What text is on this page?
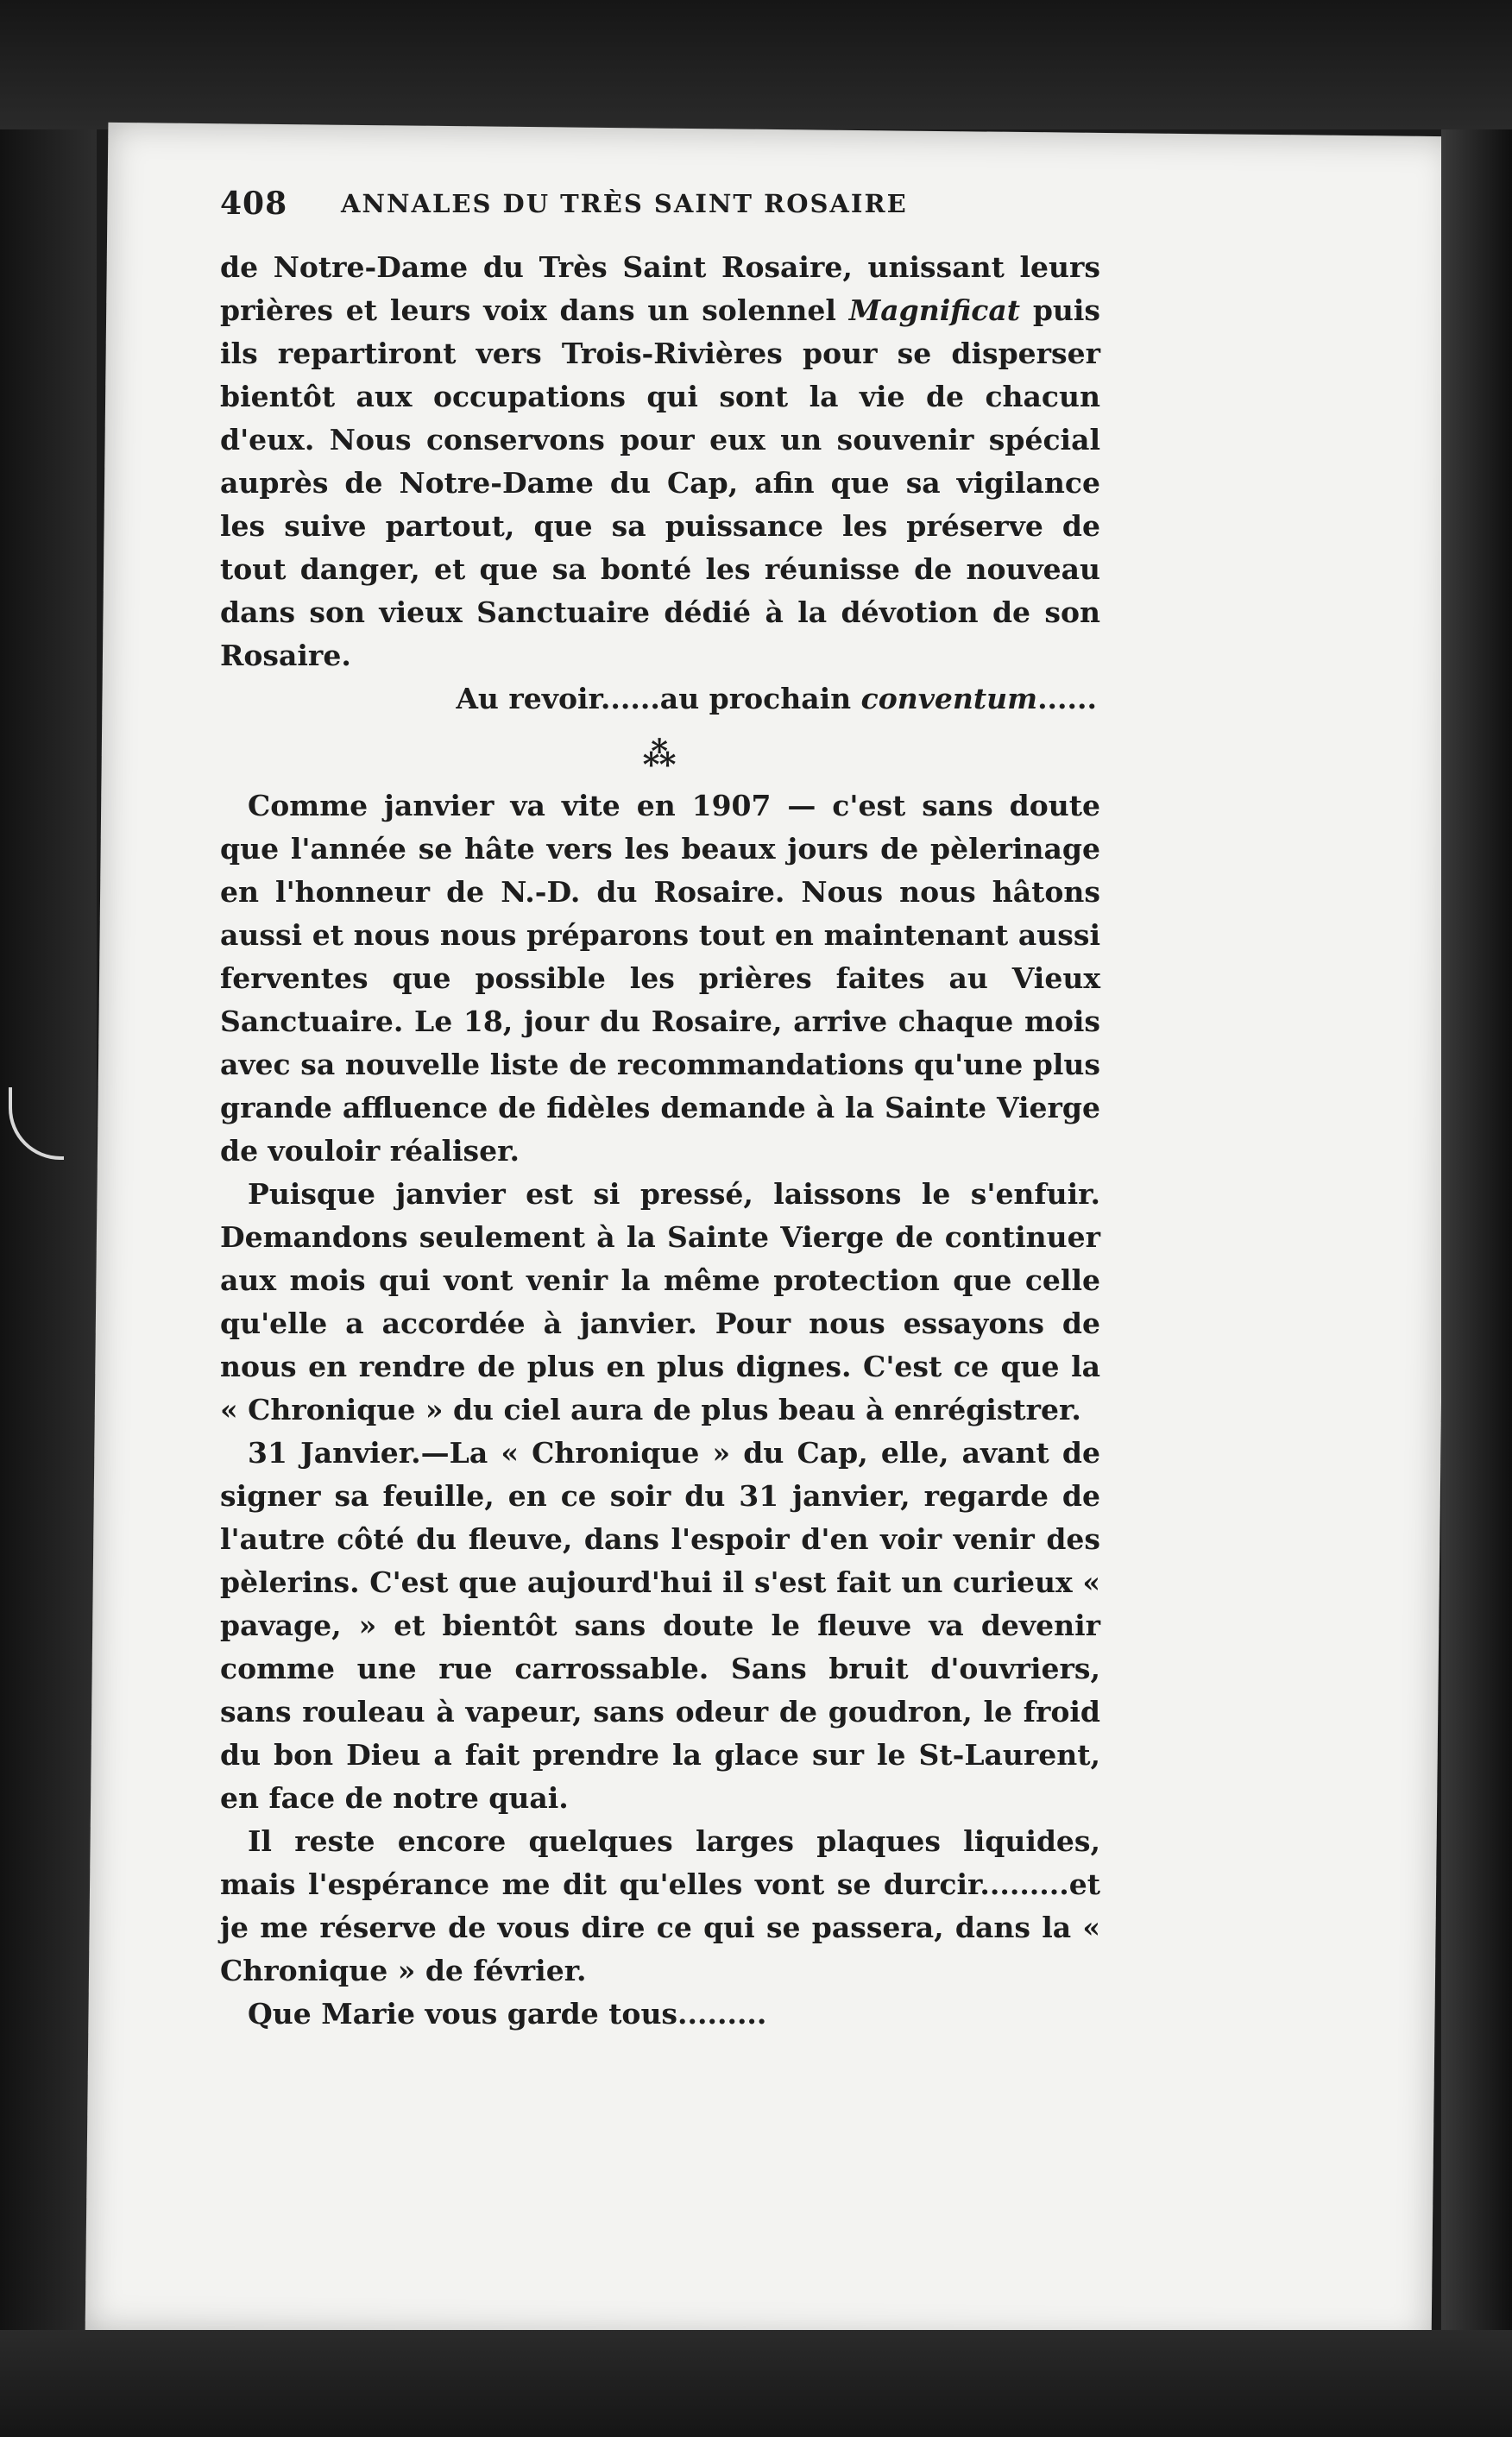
408 ANNALES DU TRÈS SAINT ROSAIRE

de Notre-Dame du Très Saint Rosaire, unissant leurs prières et leurs voix dans un solennel Magnificat puis ils repartiront vers Trois-Rivières pour se disperser bientôt aux occupations qui sont la vie de chacun d'eux. Nous conservons pour eux un souvenir spécial auprès de Notre-Dame du Cap, afin que sa vigilance les suive partout, que sa puissance les préserve de tout danger, et que sa bonté les réunisse de nouveau dans son vieux Sanctuaire dédié à la dévotion de son Rosaire.

Au revoir......au prochain conventum......

⁂

Comme janvier va vite en 1907 — c'est sans doute que l'année se hâte vers les beaux jours de pèlerinage en l'honneur de N.-D. du Rosaire. Nous nous hâtons aussi et nous nous préparons tout en maintenant aussi ferventes que possible les prières faites au Vieux Sanctuaire. Le 18, jour du Rosaire, arrive chaque mois avec sa nouvelle liste de recommandations qu'une plus grande affluence de fidèles demande à la Sainte Vierge de vouloir réaliser.

Puisque janvier est si pressé, laissons le s'enfuir. Demandons seulement à la Sainte Vierge de continuer aux mois qui vont venir la même protection que celle qu'elle a accordée à janvier. Pour nous essayons de nous en rendre de plus en plus dignes. C'est ce que la « Chronique » du ciel aura de plus beau à enrégistrer.

31 Janvier.—La « Chronique » du Cap, elle, avant de signer sa feuille, en ce soir du 31 janvier, regarde de l'autre côté du fleuve, dans l'espoir d'en voir venir des pèlerins. C'est que aujourd'hui il s'est fait un curieux « pavage, » et bientôt sans doute le fleuve va devenir comme une rue carrossable. Sans bruit d'ouvriers, sans rouleau à vapeur, sans odeur de goudron, le froid du bon Dieu a fait prendre la glace sur le St-Laurent, en face de notre quai.

Il reste encore quelques larges plaques liquides, mais l'espérance me dit qu'elles vont se durcir.........et je me réserve de vous dire ce qui se passera, dans la « Chronique » de février.

Que Marie vous garde tous.........
